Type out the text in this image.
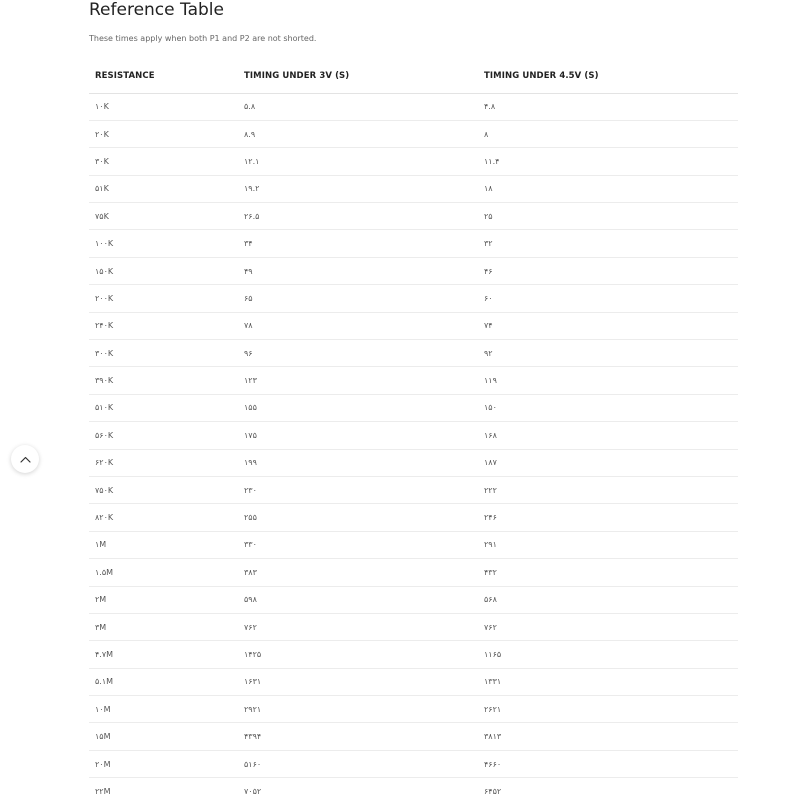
Reference Table

These times apply when both P1 and P2 are not shorted.

RESISTANCE	TIMING UNDER 3V (S)	TIMING UNDER 4.5V (S)
۱۰K	۵.۸	۴.۸
۲۰K	۸.۹	۸
۳۰K	۱۲.۱	۱۱.۴
۵۱K	۱۹.۲	۱۸
۷۵K	۲۶.۵	۲۵
۱۰۰K	۳۴	۳۲
۱۵۰K	۴۹	۴۶
۲۰۰K	۶۵	۶۰
۲۴۰K	۷۸	۷۴
۳۰۰K	۹۶	۹۲
۳۹۰K	۱۲۳	۱۱۹
۵۱۰K	۱۵۵	۱۵۰
۵۶۰K	۱۷۵	۱۶۸
۶۲۰K	۱۹۹	۱۸۷
۷۵۰K	۲۳۰	۲۲۲
۸۲۰K	۲۵۵	۲۴۶
۱M	۳۳۰	۲۹۱
۱.۵M	۳۸۳	۴۳۲
۲M	۵۹۸	۵۶۸
۳M	۷۶۲	۷۶۲
۴.۷M	۱۴۲۵	۱۱۶۵
۵.۱M	۱۶۳۱	۱۳۳۱
۱۰M	۲۹۲۱	۲۶۲۱
۱۵M	۴۳۹۴	۳۸۱۳
۲۰M	۵۱۶۰	۴۶۶۰
۲۲M	۷۰۵۲	۶۴۵۲
